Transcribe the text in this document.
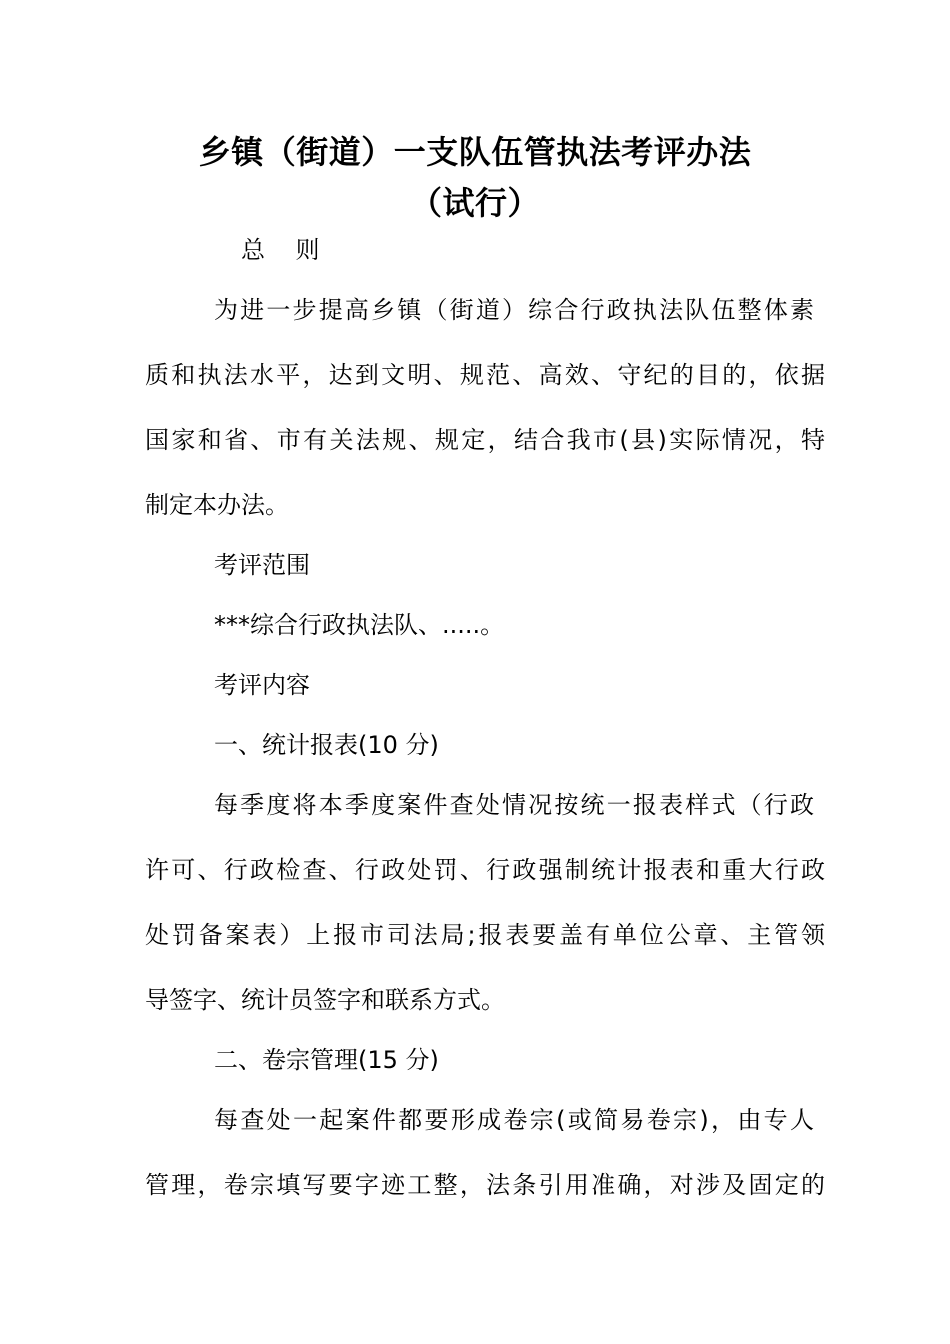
乡镇（街道）一支队伍管执法考评办法
（试行）
总    则
为进一步提高乡镇（街道）综合行政执法队伍整体素
质和执法水平，达到文明、规范、高效、守纪的目的，依据
国家和省、市有关法规、规定，结合我市(县)实际情况，特
制定本办法。
考评范围
***综合行政执法队、.....。
考评内容
一、统计报表(10 分)
每季度将本季度案件查处情况按统一报表样式（行政
许可、行政检查、行政处罚、行政强制统计报表和重大行政
处罚备案表）上报市司法局;报表要盖有单位公章、主管领
导签字、统计员签字和联系方式。
二、卷宗管理(15 分)
每查处一起案件都要形成卷宗(或简易卷宗)，由专人
管理，卷宗填写要字迹工整，法条引用准确，对涉及固定的
